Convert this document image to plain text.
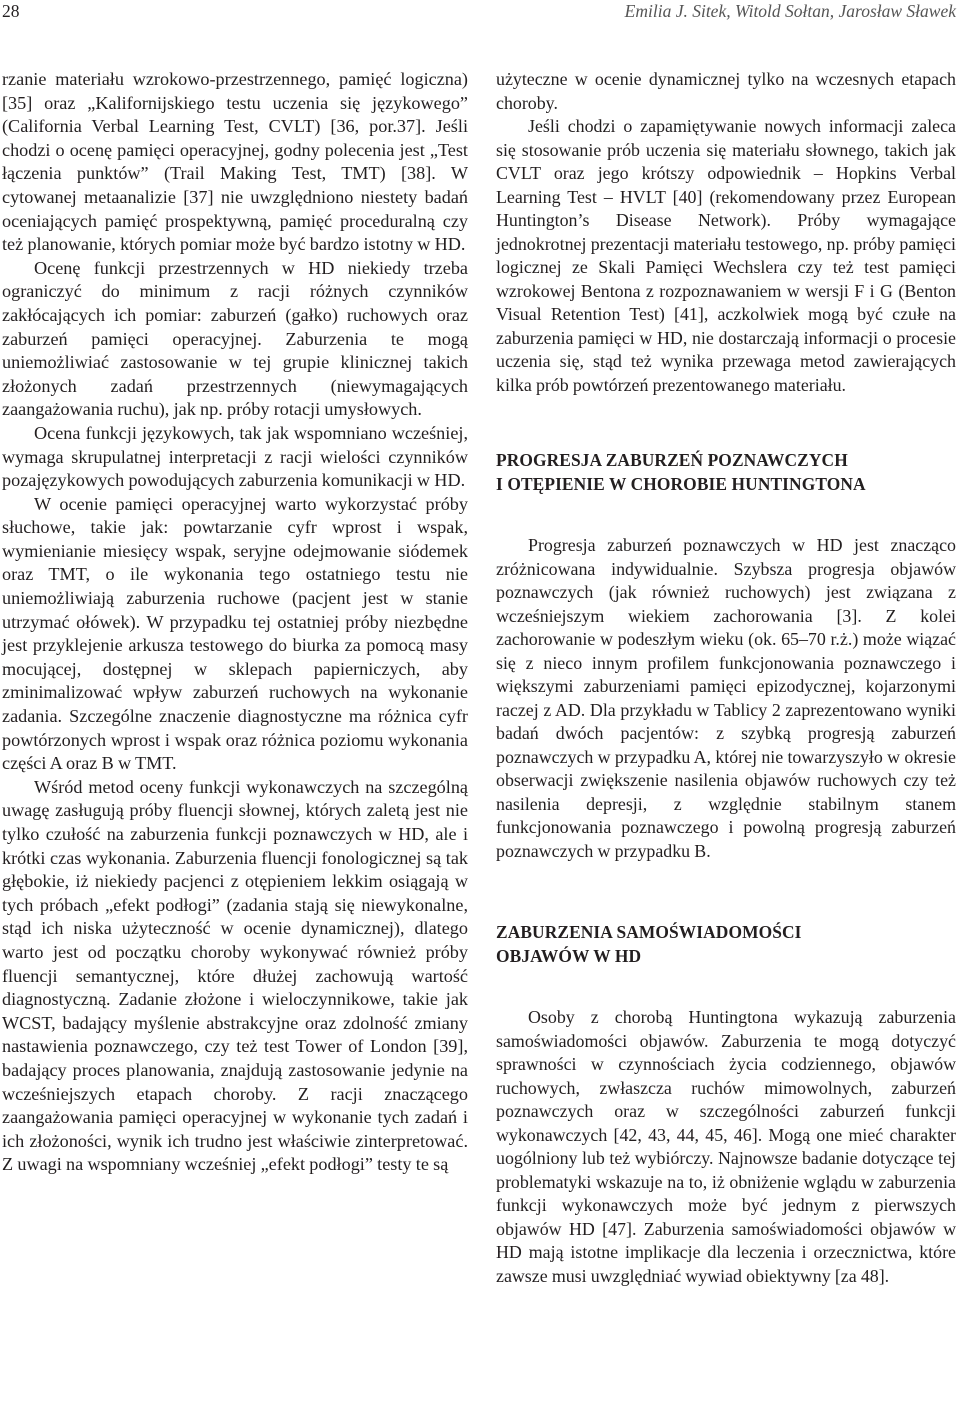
28	Emilia J. Sitek, Witold Sołtan, Jarosław Sławek

rzanie materiału wzrokowo-przestrzennego, pamięć logiczna) [35] oraz „Kalifornijskiego testu uczenia się językowego” (California Verbal Learning Test, CVLT) [36, por.37]. Jeśli chodzi o ocenę pamięci operacyjnej, godny polecenia jest „Test łączenia punktów” (Trail Making Test, TMT) [38]. W cytowanej metaanalizie [37] nie uwzględniono niestety badań oceniających pamięć prospektywną, pamięć proceduralną czy też planowanie, których pomiar może być bardzo istotny w HD.

Ocenę funkcji przestrzennych w HD niekiedy trzeba ograniczyć do minimum z racji różnych czynników zakłócających ich pomiar: zaburzeń (gałko) ruchowych oraz zaburzeń pamięci operacyjnej. Zaburzenia te mogą uniemożliwiać zastosowanie w tej grupie klinicznej takich złożonych zadań przestrzennych (niewymagających zaangażowania ruchu), jak np. próby rotacji umysłowych.

Ocena funkcji językowych, tak jak wspomniano wcześniej, wymaga skrupulatnej interpretacji z racji wielości czynników pozajęzykowych powodujących zaburzenia komunikacji w HD.

W ocenie pamięci operacyjnej warto wykorzystać próby słuchowe, takie jak: powtarzanie cyfr wprost i wspak, wymienianie miesięcy wspak, seryjne odejmowanie siódemek oraz TMT, o ile wykonania tego ostatniego testu nie uniemożliwiają zaburzenia ruchowe (pacjent jest w stanie utrzymać ołówek). W przypadku tej ostatniej próby niezbędne jest przyklejenie arkusza testowego do biurka za pomocą masy mocującej, dostępnej w sklepach papierniczych, aby zminimalizować wpływ zaburzeń ruchowych na wykonanie zadania. Szczególne znaczenie diagnostyczne ma różnica cyfr powtórzonych wprost i wspak oraz różnica poziomu wykonania części A oraz B w TMT.

Wśród metod oceny funkcji wykonawczych na szczególną uwagę zasługują próby fluencji słownej, których zaletą jest nie tylko czułość na zaburzenia funkcji poznawczych w HD, ale i krótki czas wykonania. Zaburzenia fluencji fonologicznej są tak głębokie, iż niekiedy pacjenci z otępieniem lekkim osiągają w tych próbach „efekt podłogi” (zadania stają się niewykonalne, stąd ich niska użyteczność w ocenie dynamicznej), dlatego warto jest od początku choroby wykonywać również próby fluencji semantycznej, które dłużej zachowują wartość diagnostyczną. Zadanie złożone i wieloczynnikowe, takie jak WCST, badający myślenie abstrakcyjne oraz zdolność zmiany nastawienia poznawczego, czy też test Tower of London [39], badający proces planowania, znajdują zastosowanie jedynie na wcześniejszych etapach choroby. Z racji znaczącego zaangażowania pamięci operacyjnej w wykonanie tych zadań i ich złożoności, wynik ich trudno jest właściwie zinterpretować. Z uwagi na wspomniany wcześniej „efekt podłogi” testy te są

użyteczne w ocenie dynamicznej tylko na wczesnych etapach choroby.

Jeśli chodzi o zapamiętywanie nowych informacji zaleca się stosowanie prób uczenia się materiału słownego, takich jak CVLT oraz jego krótszy odpowiednik – Hopkins Verbal Learning Test – HVLT [40] (rekomendowany przez European Huntington’s Disease Network). Próby wymagające jednokrotnej prezentacji materiału testowego, np. próby pamięci logicznej ze Skali Pamięci Wechslera czy też test pamięci wzrokowej Bentona z rozpoznawaniem w wersji F i G (Benton Visual Retention Test) [41], aczkolwiek mogą być czułe na zaburzenia pamięci w HD, nie dostarczają informacji o procesie uczenia się, stąd też wynika przewaga metod zawierających kilka prób powtórzeń prezentowanego materiału.

PROGRESJA ZABURZEŃ POZNAWCZYCH
I OTĘPIENIE W CHOROBIE HUNTINGTONA

Progresja zaburzeń poznawczych w HD jest znacząco zróżnicowana indywidualnie. Szybsza progresja objawów poznawczych (jak również ruchowych) jest związana z wcześniejszym wiekiem zachorowania [3]. Z kolei zachorowanie w podeszłym wieku (ok. 65–70 r.ż.) może wiązać się z nieco innym profilem funkcjonowania poznawczego i większymi zaburzeniami pamięci epizodycznej, kojarzonymi raczej z AD. Dla przykładu w Tablicy 2 zaprezentowano wyniki badań dwóch pacjentów: z szybką progresją zaburzeń poznawczych w przypadku A, której nie towarzyszyło w okresie obserwacji zwiększenie nasilenia objawów ruchowych czy też nasilenia depresji, z względnie stabilnym stanem funkcjonowania poznawczego i powolną progresją zaburzeń poznawczych w przypadku B.

ZABURZENIA SAMOŚWIADOMOŚCI
OBJAWÓW W HD

Osoby z chorobą Huntingtona wykazują zaburzenia samoświadomości objawów. Zaburzenia te mogą dotyczyć sprawności w czynnościach życia codziennego, objawów ruchowych, zwłaszcza ruchów mimowolnych, zaburzeń poznawczych oraz w szczególności zaburzeń funkcji wykonawczych [42, 43, 44, 45, 46]. Mogą one mieć charakter uogólniony lub też wybiórczy. Najnowsze badanie dotyczące tej problematyki wskazuje na to, iż obniżenie wglądu w zaburzenia funkcji wykonawczych może być jednym z pierwszych objawów HD [47]. Zaburzenia samoświadomości objawów w HD mają istotne implikacje dla leczenia i orzecznictwa, które zawsze musi uwzględniać wywiad obiektywny [za 48].
